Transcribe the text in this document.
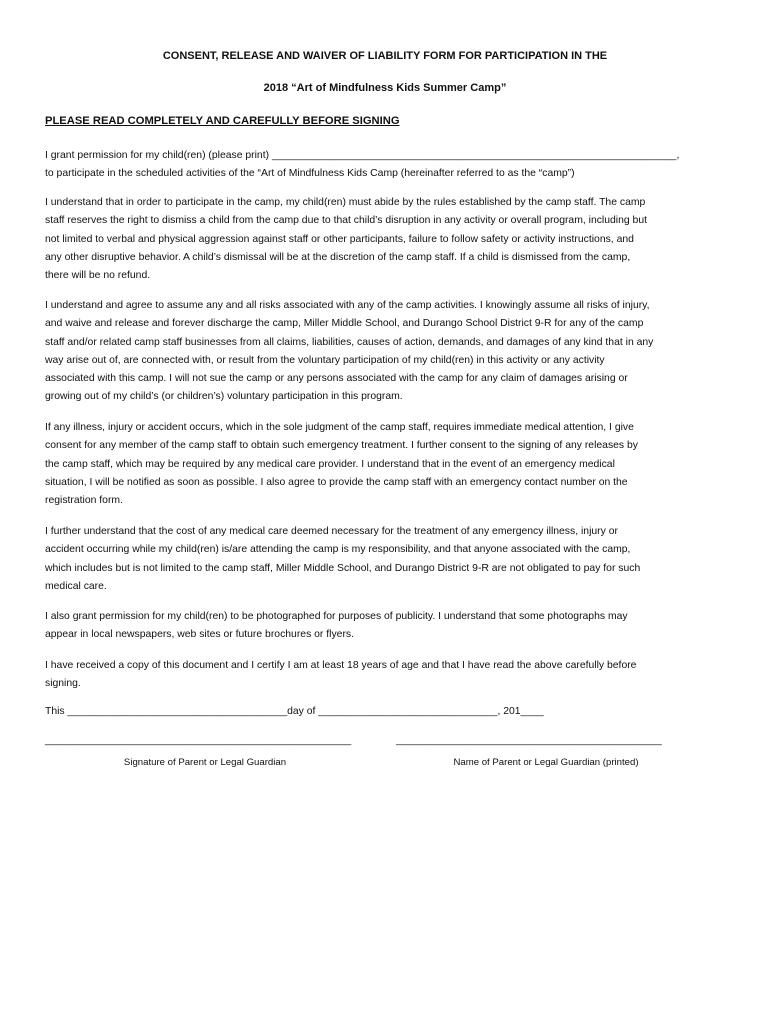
CONSENT, RELEASE AND WAIVER OF LIABILITY FORM FOR PARTICIPATION IN THE

2018 “Art of Mindfulness Kids Summer Camp”

PLEASE READ COMPLETELY AND CAREFULLY BEFORE SIGNING

I grant permission for my child(ren) (please print) ______________________________________________________________________,
to participate in the scheduled activities of the “Art of Mindfulness Kids Camp (hereinafter referred to as the “camp”)
I understand that in order to participate in the camp, my child(ren) must abide by the rules established by the camp staff. The camp
staff reserves the right to dismiss a child from the camp due to that child’s disruption in any activity or overall program, including but
not limited to verbal and physical aggression against staff or other participants, failure to follow safety or activity instructions, and
any other disruptive behavior. A child’s dismissal will be at the discretion of the camp staff. If a child is dismissed from the camp,
there will be no refund.
I understand and agree to assume any and all risks associated with any of the camp activities. I knowingly assume all risks of injury,
and waive and release and forever discharge the camp, Miller Middle School, and Durango School District 9-R for any of the camp
staff and/or related camp staff businesses from all claims, liabilities, causes of action, demands, and damages of any kind that in any
way arise out of, are connected with, or result from the voluntary participation of my child(ren) in this activity or any activity
associated with this camp. I will not sue the camp or any persons associated with the camp for any claim of damages arising or
growing out of my child’s (or children’s) voluntary participation in this program.
If any illness, injury or accident occurs, which in the sole judgment of the camp staff, requires immediate medical attention, I give
consent for any member of the camp staff to obtain such emergency treatment. I further consent to the signing of any releases by
the camp staff, which may be required by any medical care provider. I understand that in the event of an emergency medical
situation, I will be notified as soon as possible. I also agree to provide the camp staff with an emergency contact number on the
registration form.
I further understand that the cost of any medical care deemed necessary for the treatment of any emergency illness, injury or
accident occurring while my child(ren) is/are attending the camp is my responsibility, and that anyone associated with the camp,
which includes but is not limited to the camp staff, Miller Middle School, and Durango District 9-R are not obligated to pay for such
medical care.
I also grant permission for my child(ren) to be photographed for purposes of publicity. I understand that some photographs may
appear in local newspapers, web sites or future brochures or flyers.
I have received a copy of this document and I certify I am at least 18 years of age and that I have read the above carefully before
signing.

This ______________________________________day of _______________________________, 201____

_____________________________________________________	______________________________________________

Signature of Parent or Legal Guardian	Name of Parent or Legal Guardian (printed)
